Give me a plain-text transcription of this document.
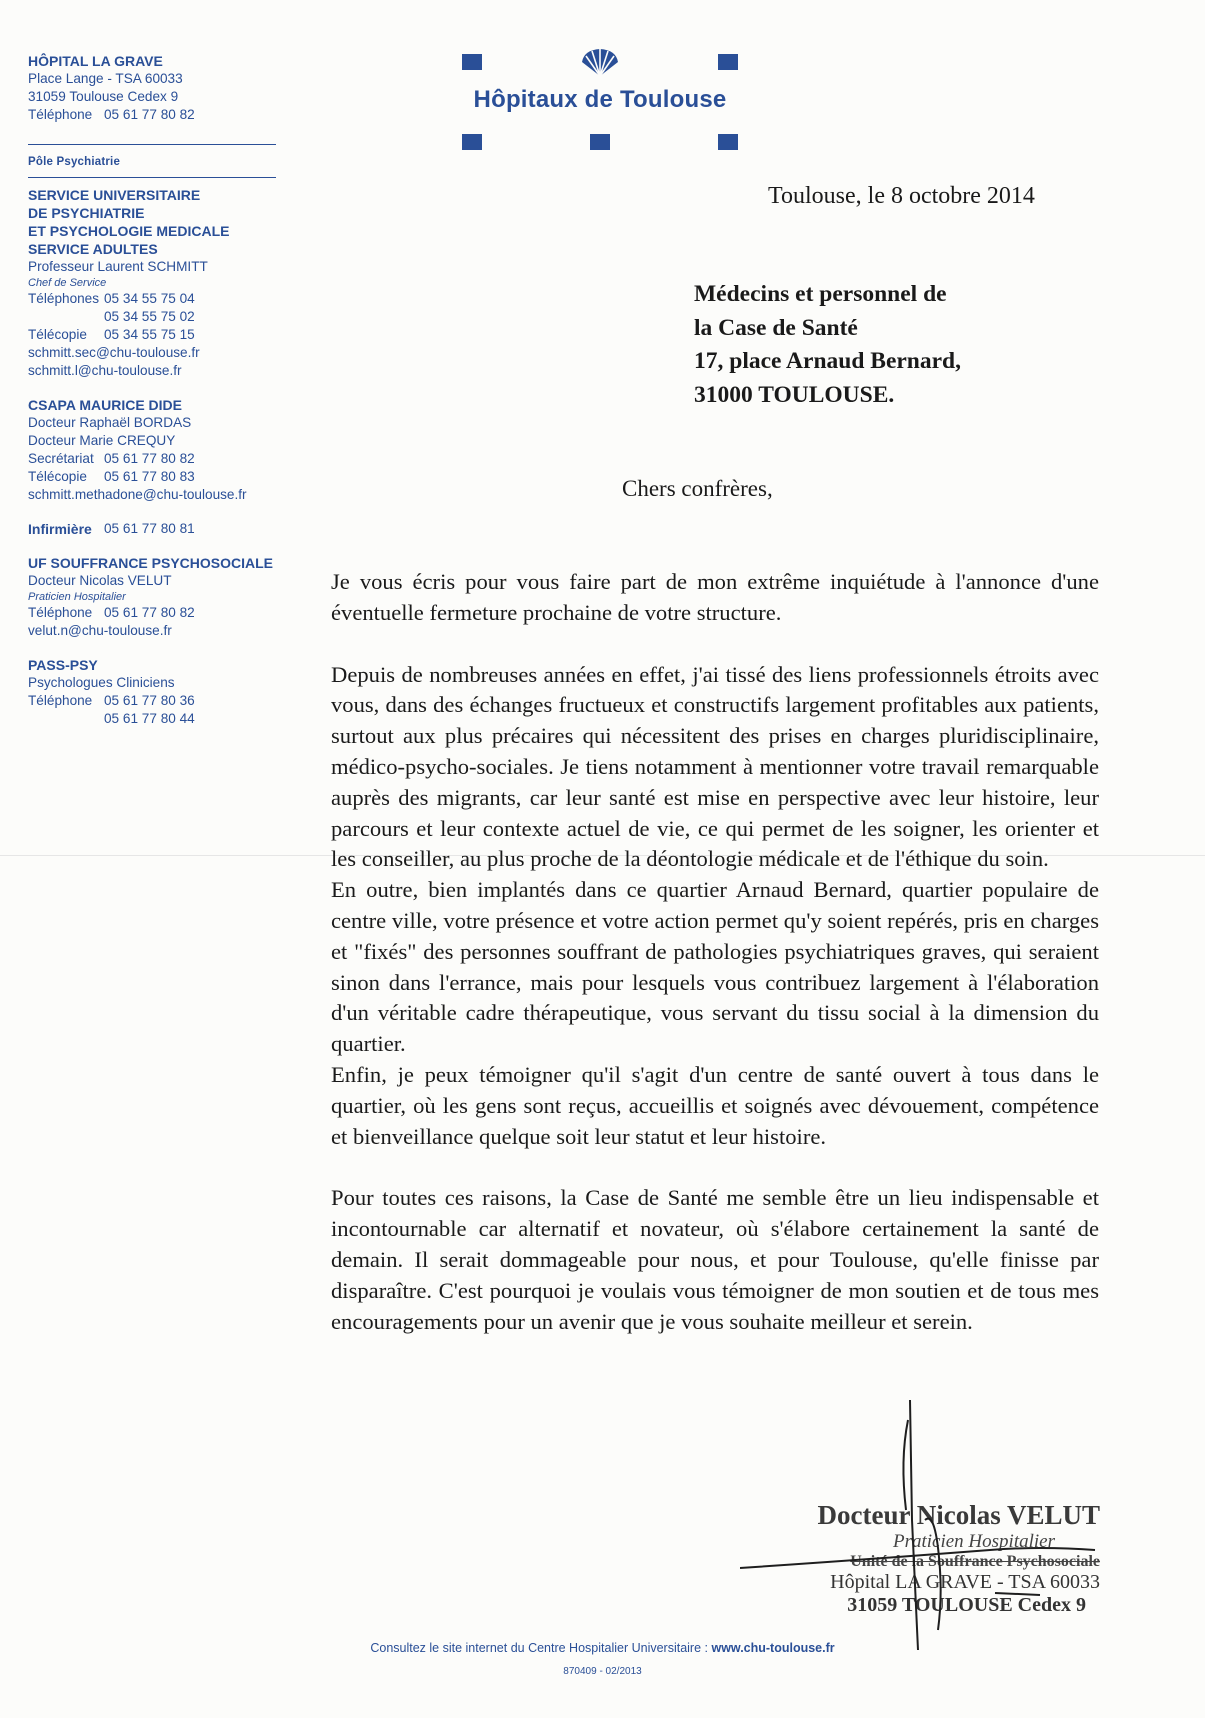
HÔPITAL LA GRAVE
Place Lange - TSA 60033
31059 Toulouse Cedex 9
Téléphone 05 61 77 80 82
Pôle Psychiatrie
SERVICE UNIVERSITAIRE
DE PSYCHIATRIE
ET PSYCHOLOGIE MEDICALE
SERVICE ADULTES
Professeur Laurent SCHMITT
Chef de Service
Téléphones 05 34 55 75 04
05 34 55 75 02
Télécopie	05 34 55 75 15
schmitt.sec@chu-toulouse.fr
schmitt.l@chu-toulouse.fr
CSAPA MAURICE DIDE
Docteur Raphaël BORDAS
Docteur Marie CREQUY
Secrétariat 05 61 77 80 82
Télécopie	05 61 77 80 83
schmitt.methadone@chu-toulouse.fr
Infirmière 05 61 77 80 81
UF SOUFFRANCE PSYCHOSOCIALE
Docteur Nicolas VELUT
Praticien Hospitalier
Téléphone 05 61 77 80 82
velut.n@chu-toulouse.fr
PASS-PSY
Psychologues Cliniciens
Téléphone 05 61 77 80 36
05 61 77 80 44
Hôpitaux de Toulouse
Toulouse, le 8 octobre 2014
Médecins et personnel de
la Case de Santé
17, place Arnaud Bernard,
31000 TOULOUSE.
Chers confrères,

Je vous écris pour vous faire part de mon extrême inquiétude à l'annonce d'une éventuelle fermeture prochaine de votre structure.

Depuis de nombreuses années en effet, j'ai tissé des liens professionnels étroits avec vous, dans des échanges fructueux et constructifs largement profitables aux patients, surtout aux plus précaires qui nécessitent des prises en charges pluridisciplinaire, médico-psycho-sociales. Je tiens notamment à mentionner votre travail remarquable auprès des migrants, car leur santé est mise en perspective avec leur histoire, leur parcours et leur contexte actuel de vie, ce qui permet de les soigner, les orienter et les conseiller, au plus proche de la déontologie médicale et de l'éthique du soin.

En outre, bien implantés dans ce quartier Arnaud Bernard, quartier populaire de centre ville, votre présence et votre action permet qu'y soient repérés, pris en charges et "fixés" des personnes souffrant de pathologies psychiatriques graves, qui seraient sinon dans l'errance, mais pour lesquels vous contribuez largement à l'élaboration d'un véritable cadre thérapeutique, vous servant du tissu social à la dimension du quartier.

Enfin, je peux témoigner qu'il s'agit d'un centre de santé ouvert à tous dans le quartier, où les gens sont reçus, accueillis et soignés avec dévouement, compétence et bienveillance quelque soit leur statut et leur histoire.

Pour toutes ces raisons, la Case de Santé me semble être un lieu indispensable et incontournable car alternatif et novateur, où s'élabore certainement la santé de demain. Il serait dommageable pour nous, et pour Toulouse, qu'elle finisse par disparaître. C'est pourquoi je voulais vous témoigner de mon soutien et de tous mes encouragements pour un avenir que je vous souhaite meilleur et serein.

Docteur Nicolas VELUT
Praticien Hospitalier
Unité de la Souffrance Psychosociale
Hôpital LA GRAVE - TSA 60033
31059 TOULOUSE Cedex 9
Consultez le site internet du Centre Hospitalier Universitaire : www.chu-toulouse.fr
870409 - 02/2013
